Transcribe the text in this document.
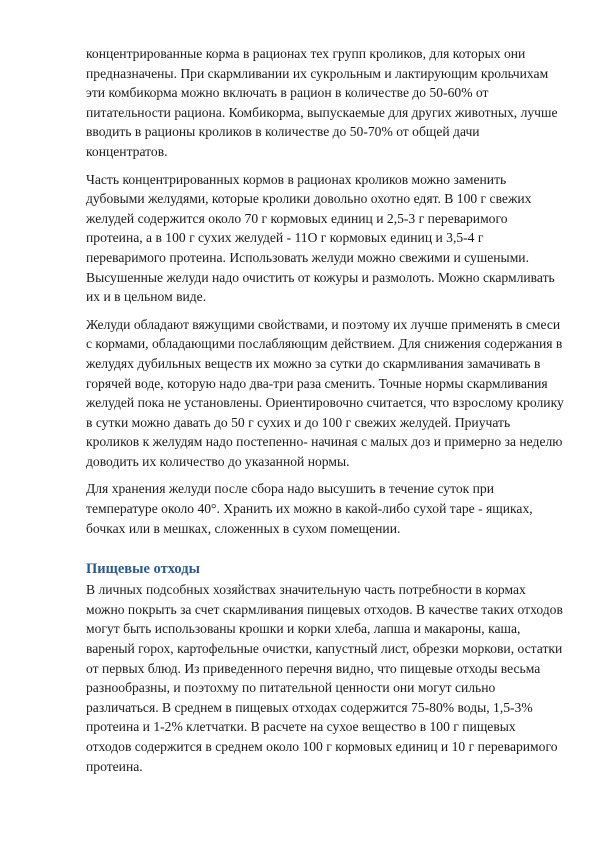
концентрированные корма в рационах тех групп кроликов, для которых они предназначены. При скармливании их сукрольным и лактирующим крольчихам эти комбикорма можно включать в рацион в количестве до 50-60% от питательности рациона. Комбикорма, выпускаемые для других животных, лучше вводить в рационы кроликов в количестве до 50-70% от общей дачи концентратов.

Часть концентрированных кормов в рационах кроликов можно заменить дубовыми желудями, которые кролики довольно охотно едят. В 100 г свежих желудей содержится около 70 г кормовых единиц и 2,5-3 г переваримого протеина, а в 100 г сухих желудей - 11О г кормовых единиц и 3,5-4 г переваримого протеина. Использовать желуди можно свежими и сушеными. Высушенные желуди надо очистить от кожуры и размолоть. Можно скармливать их и в цельном виде.

Желуди обладают вяжущими свойствами, и поэтому их лучше применять в смеси с кормами, обладающими послабляющим действием. Для снижения содержания в желудях дубильных веществ их можно за сутки до скармливания замачивать в горячей воде, которую надо два-три раза сменить. Точные нормы скармливания желудей пока не установлены. Ориентировочно считается, что взрослому кролику в сутки можно давать до 50 г сухих и до 100 г свежих желудей. Приучать кроликов к желудям надо постепенно- начиная с малых доз и примерно за неделю доводить их количество до указанной нормы.

Для хранения желуди после сбора надо высушить в течение суток при температуре около 40°. Хранить их можно в какой-либо сухой таре - ящиках, бочках или в мешках, сложенных в сухом помещении.

Пищевые отходы

В личных подсобных хозяйствах значительную часть потребности в кормах можно покрыть за счет скармливания пищевых отходов. В качестве таких отходов могут быть использованы крошки и корки хлеба, лапша и макароны, каша, вареный горох, картофельные очистки, капустный лист, обрезки моркови, остатки от первых блюд. Из приведенного перечня видно, что пищевые отходы весьма разнообразны, и поэтохму по питательной ценности они могут сильно различаться. В среднем в пищевых отходах содержится 75-80% воды, 1,5-3% протеина и 1-2% клетчатки. В расчете на сухое вещество в 100 г пищевых отходов содержится в среднем около 100 г кормовых единиц и 10 г переваримого протеина.
